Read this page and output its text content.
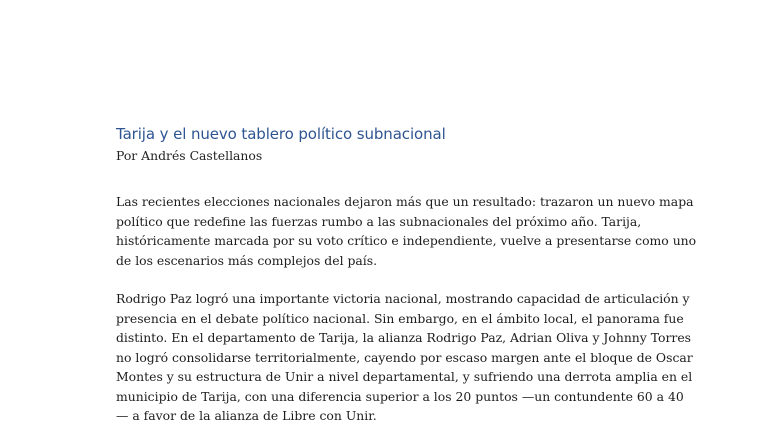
Tarija y el nuevo tablero político subnacional
Por Andrés Castellanos

Las recientes elecciones nacionales dejaron más que un resultado: trazaron un nuevo mapa
político que redefine las fuerzas rumbo a las subnacionales del próximo año. Tarija,
históricamente marcada por su voto crítico e independiente, vuelve a presentarse como uno
de los escenarios más complejos del país.

Rodrigo Paz logró una importante victoria nacional, mostrando capacidad de articulación y
presencia en el debate político nacional. Sin embargo, en el ámbito local, el panorama fue
distinto. En el departamento de Tarija, la alianza Rodrigo Paz, Adrian Oliva y Johnny Torres
no logró consolidarse territorialmente, cayendo por escaso margen ante el bloque de Oscar
Montes y su estructura de Unir a nivel departamental, y sufriendo una derrota amplia en el
municipio de Tarija, con una diferencia superior a los 20 puntos —un contundente 60 a 40
— a favor de la alianza de Libre con Unir.
